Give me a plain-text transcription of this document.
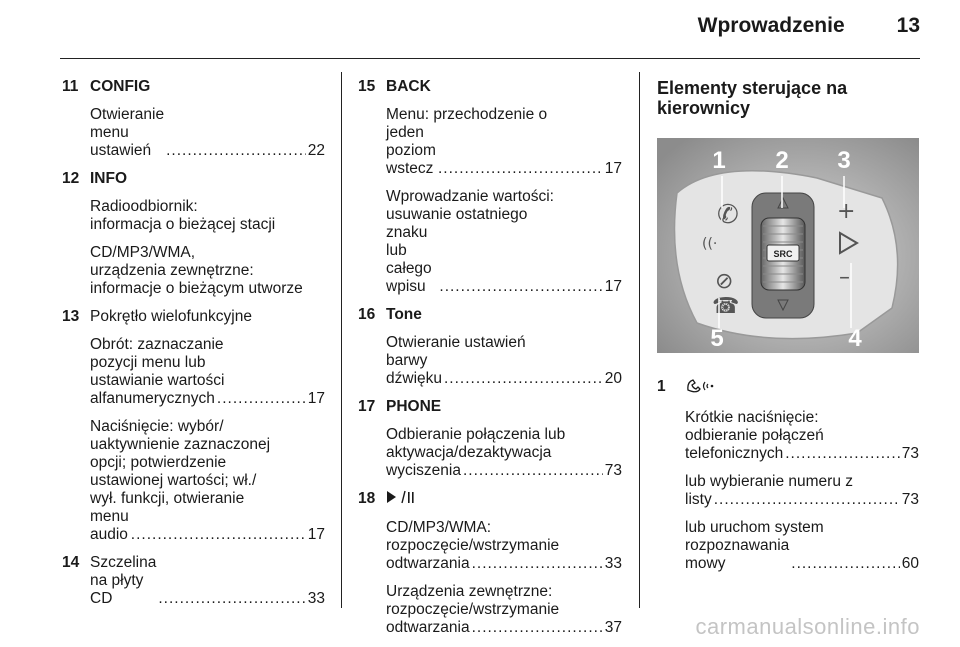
Wprowadzenie 13
11 CONFIG
Otwieranie menu ustawień .....	22
12 INFO
Radioodbiornik:
informacja o bieżącej stacji
CD/MP3/WMA,
urządzenia zewnętrzne:
informacje o bieżącym utworze
13 Pokrętło wielofunkcyjne
Obrót: zaznaczanie
pozycji menu lub
ustawianie wartości
alfanumerycznych .....	17
Naciśnięcie: wybór/
uaktywnienie zaznaczonej
opcji; potwierdzenie
ustawionej wartości; wł./
wył. funkcji, otwieranie
menu audio .....	17
14 Szczelina na płyty CD .....	33
15 BACK
Menu: przechodzenie o
jeden poziom wstecz .....	17
Wprowadzanie wartości:
usuwanie ostatniego
znaku lub całego wpisu .....	17
16 Tone
Otwieranie ustawień
barwy dźwięku .....	20
17 PHONE
Odbieranie połączenia lub
aktywacja/dezaktywacja
wyciszenia .....	73
18
CD/MP3/WMA:
rozpoczęcie/wstrzymanie
odtwarzania .....	33
Urządzenia zewnętrzne:
rozpoczęcie/wstrzymanie
odtwarzania .....	37
Elementy sterujące na
kierownicy
SRC
✆
((·
⊘
☎
+
–
1 2 3
4
5
1
Krótkie naciśnięcie:
odbieranie połączeń
telefonicznych .....	73
lub wybieranie numeru z
listy .....	73
lub uruchom system
rozpoznawania mowy .....	60
carmanualsonline.info
